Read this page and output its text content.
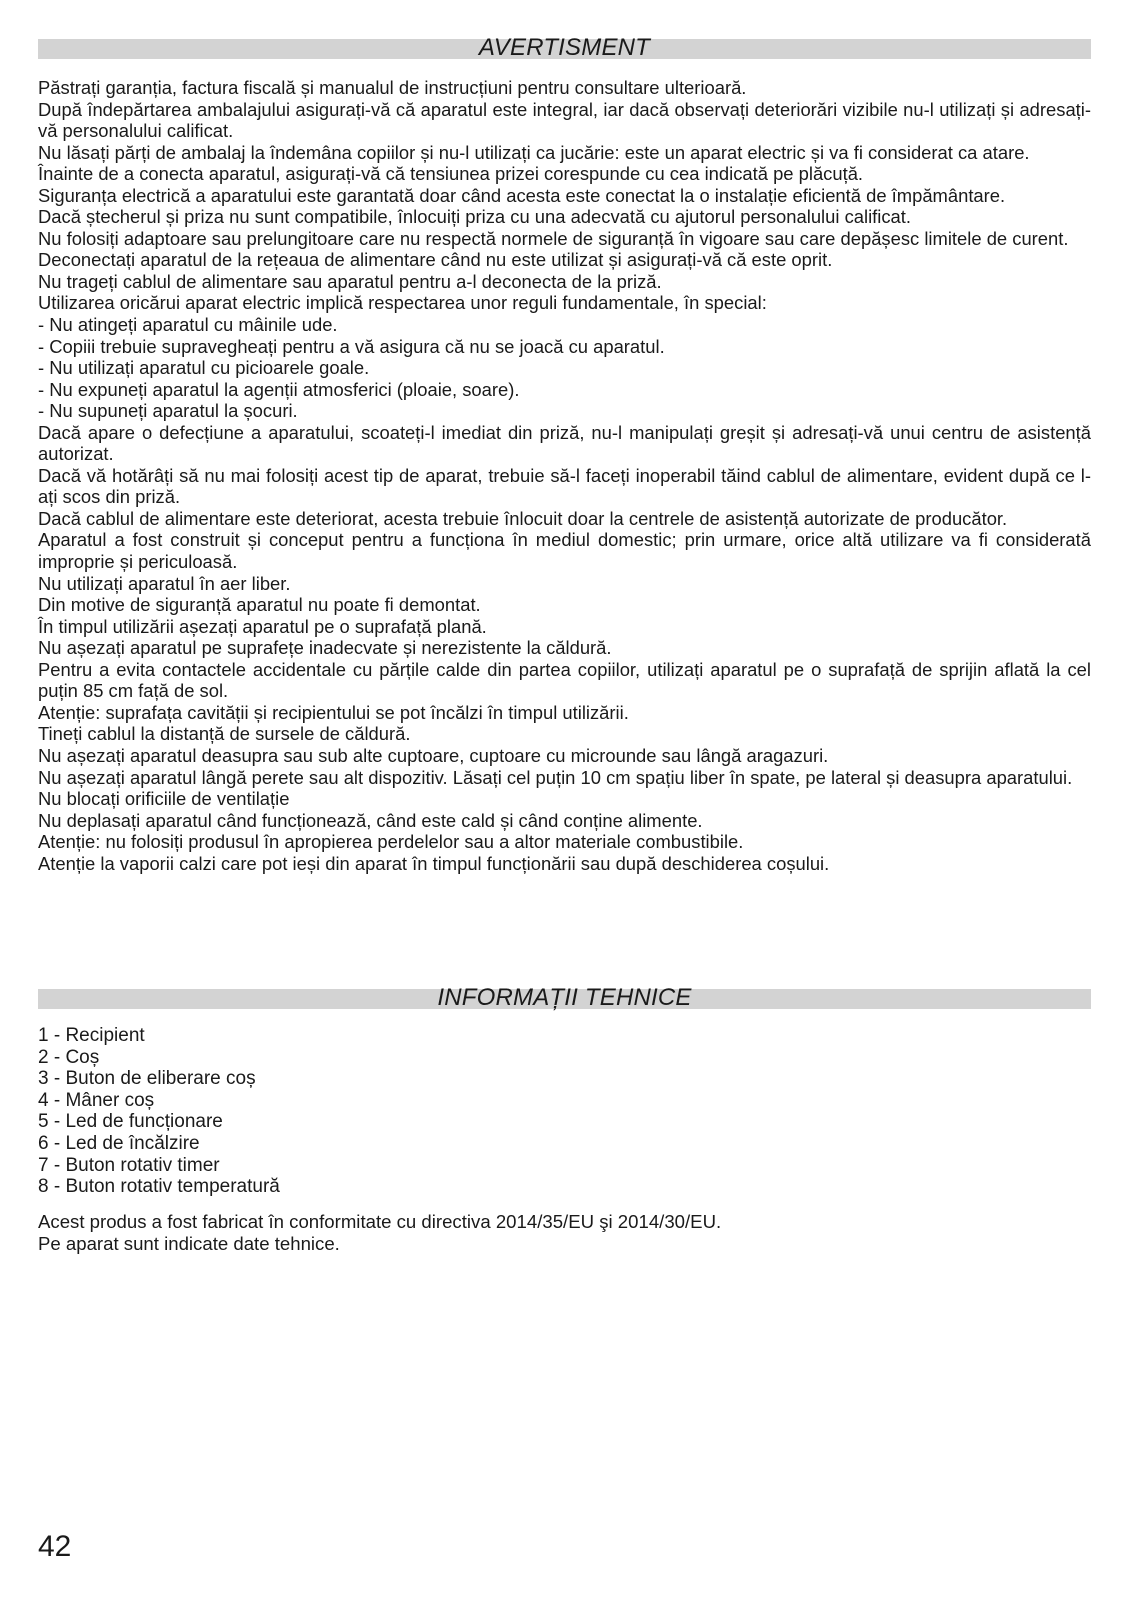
AVERTISMENT

Păstrați garanția, factura fiscală și manualul de instrucțiuni pentru consultare ulterioară.

După îndepărtarea ambalajului asigurați-vă că aparatul este integral, iar dacă observați deteriorări vizibile nu-l utilizați și adresați-vă personalului calificat.

Nu lăsați părți de ambalaj la îndemâna copiilor și nu-l utilizați ca jucărie: este un aparat electric și va fi considerat ca atare.

Înainte de a conecta aparatul, asigurați-vă că tensiunea prizei corespunde cu cea indicată pe plăcuță.

Siguranța electrică a aparatului este garantată doar când acesta este conectat la o instalație eficientă de împământare.

Dacă ștecherul și priza nu sunt compatibile, înlocuiți priza cu una adecvată cu ajutorul personalului calificat.

Nu folosiți adaptoare sau prelungitoare care nu respectă normele de siguranță în vigoare sau care depășesc limitele de curent.

Deconectați aparatul de la rețeaua de alimentare când nu este utilizat și asigurați-vă că este oprit.

Nu trageți cablul de alimentare sau aparatul pentru a-l deconecta de la priză.

Utilizarea oricărui aparat electric implică respectarea unor reguli fundamentale, în special:

- Nu atingeți aparatul cu mâinile ude.

- Copiii trebuie supravegheați pentru a vă asigura că nu se joacă cu aparatul.

- Nu utilizați aparatul cu picioarele goale.

- Nu expuneți aparatul la agenții atmosferici (ploaie, soare).

- Nu supuneți aparatul la șocuri.

Dacă apare o defecțiune a aparatului, scoateți-l imediat din priză, nu-l manipulați greșit și adresați-vă unui centru de asistență autorizat.

Dacă vă hotărâți să nu mai folosiți acest tip de aparat, trebuie să-l faceți inoperabil tăind cablul de alimentare, evident după ce l-ați scos din priză.

Dacă cablul de alimentare este deteriorat, acesta trebuie înlocuit doar la centrele de asistență autorizate de producător.

Aparatul a fost construit și conceput pentru a funcționa în mediul domestic; prin urmare, orice altă utilizare va fi considerată improprie și periculoasă.

Nu utilizați aparatul în aer liber.

Din motive de siguranță aparatul nu poate fi demontat.

În timpul utilizării așezați aparatul pe o suprafață plană.

Nu așezați aparatul pe suprafețe inadecvate și nerezistente la căldură.

Pentru a evita contactele accidentale cu părțile calde din partea copiilor, utilizați aparatul pe o suprafață de sprijin aflată la cel puțin 85 cm față de sol.

Atenție: suprafața cavității și recipientului se pot încălzi în timpul utilizării.

Tineți cablul la distanță de sursele de căldură.

Nu așezați aparatul deasupra sau sub alte cuptoare, cuptoare cu microunde sau lângă aragazuri.

Nu așezați aparatul lângă perete sau alt dispozitiv. Lăsați cel puțin 10 cm spațiu liber în spate, pe lateral și deasupra aparatului.

Nu blocați orificiile de ventilație

Nu deplasați aparatul când funcționează, când este cald și când conține alimente.

Atenție: nu folosiți produsul în apropierea perdelelor sau a altor materiale combustibile.

Atenție la vaporii calzi care pot ieși din aparat în timpul funcționării sau după deschiderea coșului.

INFORMAȚII TEHNICE
1 - Recipient
2 - Coș
3 - Buton de eliberare coș
4 - Mâner coș
5 - Led de funcționare
6 - Led de încălzire
7 - Buton rotativ timer
8 - Buton rotativ temperatură
Acest produs a fost fabricat în conformitate cu directiva 2014/35/EU şi 2014/30/EU.
Pe aparat sunt indicate date tehnice.
42
